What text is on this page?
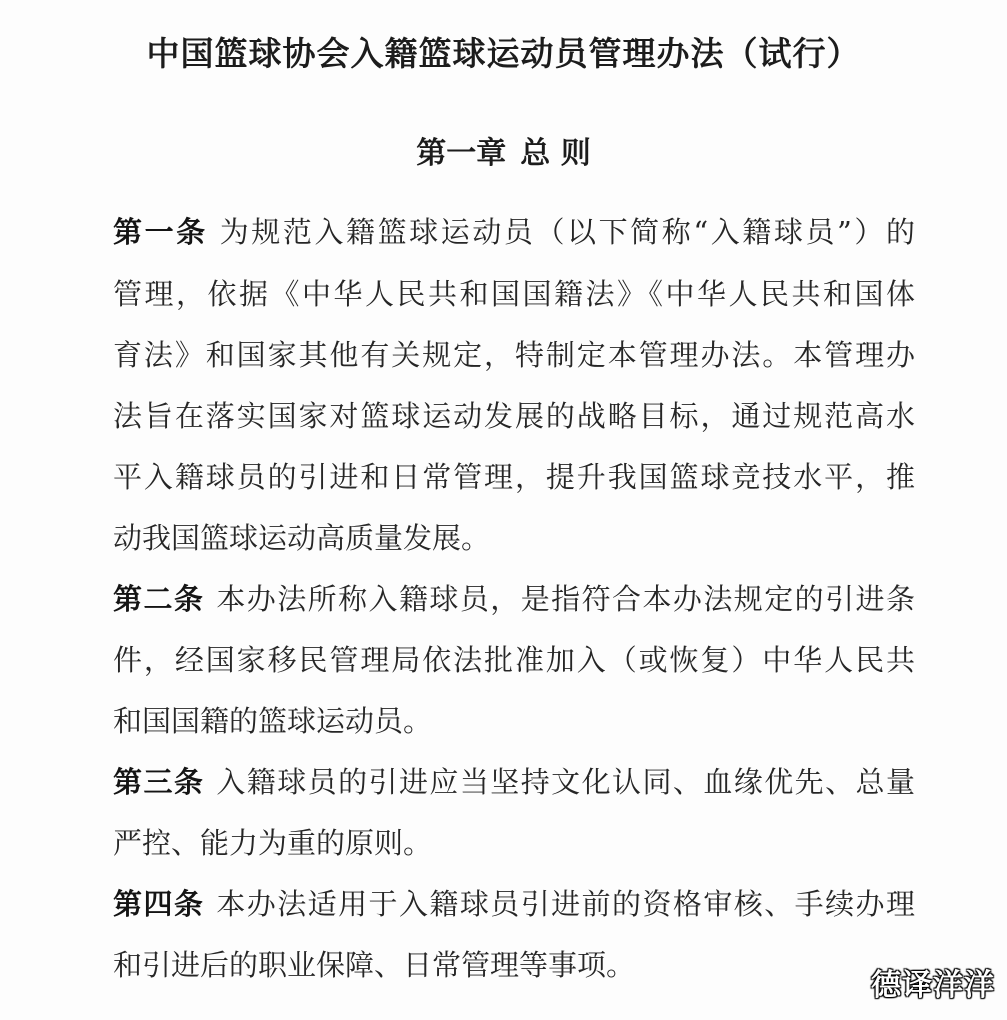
中国篮球协会入籍篮球运动员管理办法（试行）
第一章 总 则
第一条 为规范入籍篮球运动员（以下简称“入籍球员”）的
管理，依据《中华人民共和国国籍法》《中华人民共和国体
育法》和国家其他有关规定，特制定本管理办法。本管理办
法旨在落实国家对篮球运动发展的战略目标，通过规范高水
平入籍球员的引进和日常管理，提升我国篮球竞技水平，推
动我国篮球运动高质量发展。
第二条 本办法所称入籍球员，是指符合本办法规定的引进条
件，经国家移民管理局依法批准加入（或恢复）中华人民共
和国国籍的篮球运动员。
第三条 入籍球员的引进应当坚持文化认同、血缘优先、总量
严控、能力为重的原则。
第四条 本办法适用于入籍球员引进前的资格审核、手续办理
和引进后的职业保障、日常管理等事项。
德译洋洋
